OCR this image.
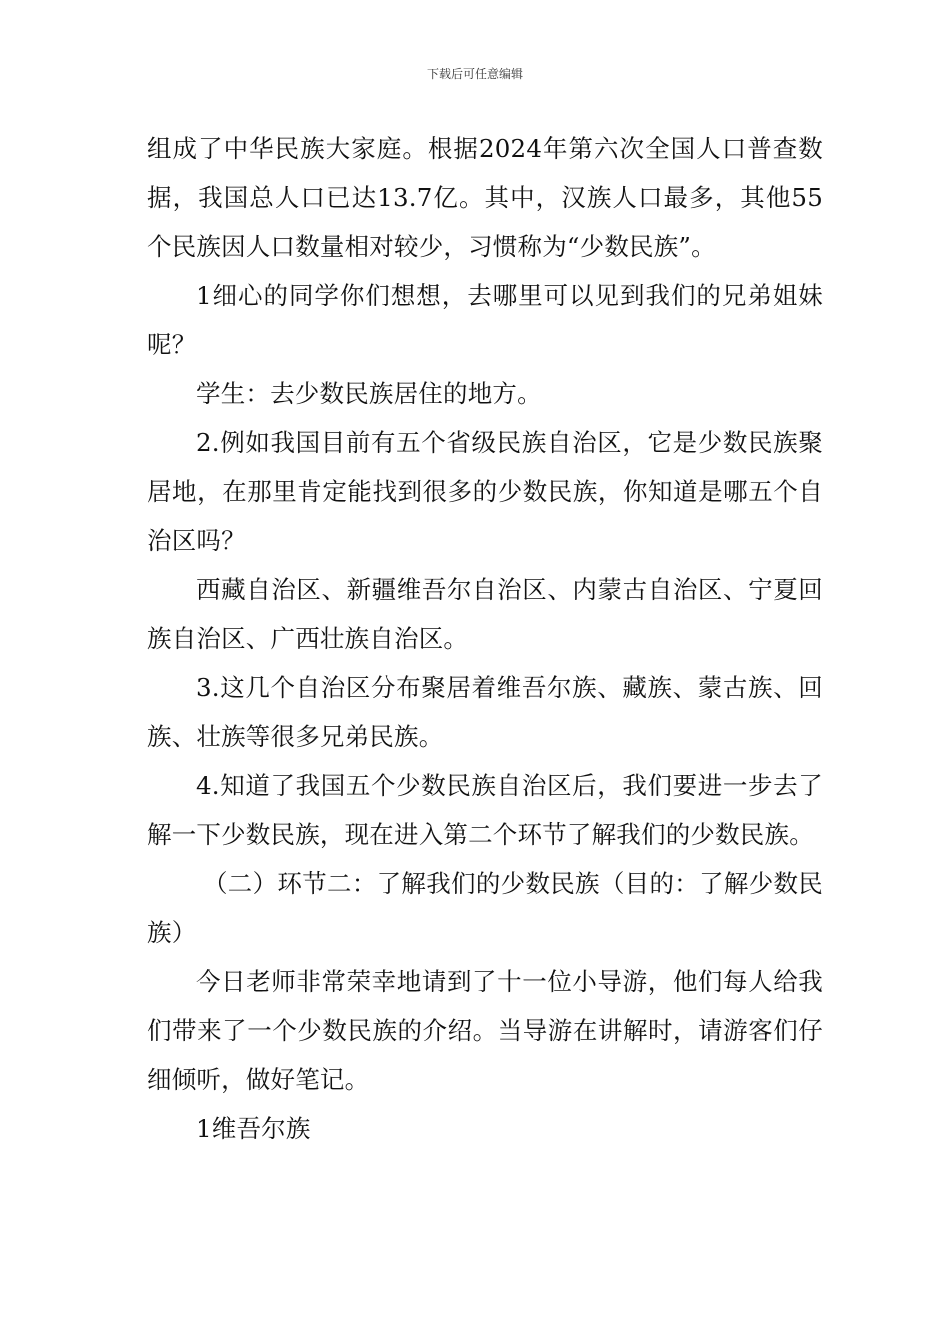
下载后可任意编辑

组成了中华民族大家庭。根据2024年第六次全国人口普查数据，我国总人口已达13.7亿。其中，汉族人口最多，其他55个民族因人口数量相对较少，习惯称为“少数民族”。

1细心的同学你们想想，去哪里可以见到我们的兄弟姐妹呢？

学生：去少数民族居住的地方。

2.例如我国目前有五个省级民族自治区，它是少数民族聚居地，在那里肯定能找到很多的少数民族，你知道是哪五个自治区吗？

西藏自治区、新疆维吾尔自治区、内蒙古自治区、宁夏回族自治区、广西壮族自治区。

3.这几个自治区分布聚居着维吾尔族、藏族、蒙古族、回族、壮族等很多兄弟民族。

4.知道了我国五个少数民族自治区后，我们要进一步去了解一下少数民族，现在进入第二个环节了解我们的少数民族。

（二）环节二：了解我们的少数民族（目的：了解少数民族）

今日老师非常荣幸地请到了十一位小导游，他们每人给我们带来了一个少数民族的介绍。当导游在讲解时，请游客们仔细倾听，做好笔记。

1维吾尔族
